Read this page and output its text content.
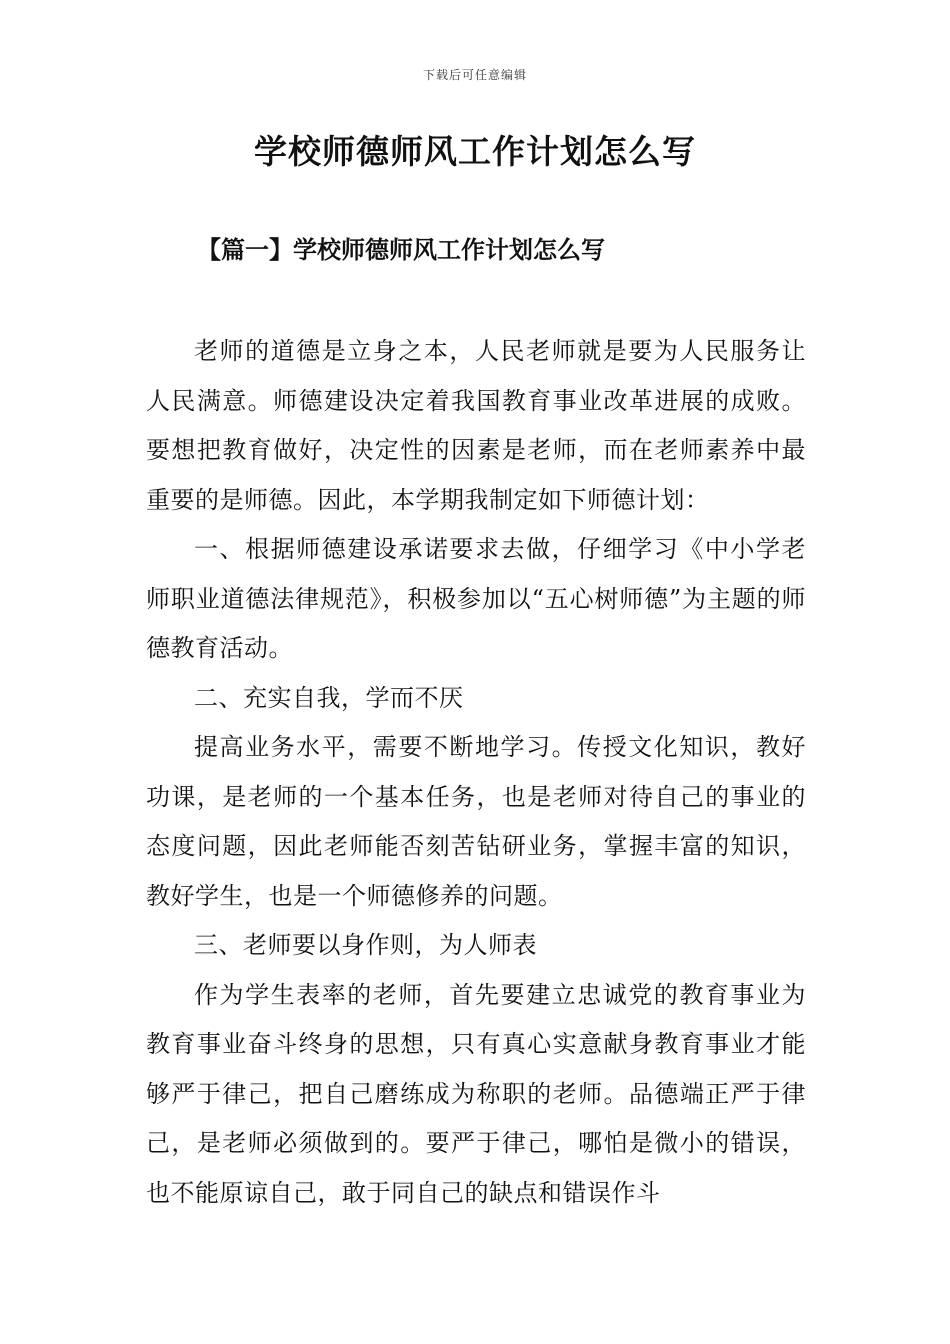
下载后可任意编辑
学校师德师风工作计划怎么写
【篇一】学校师德师风工作计划怎么写

老师的道德是立身之本，人民老师就是要为人民服务让人民满意。师德建设决定着我国教育事业改革进展的成败。要想把教育做好，决定性的因素是老师，而在老师素养中最重要的是师德。因此，本学期我制定如下师德计划：

一、根据师德建设承诺要求去做，仔细学习《中小学老师职业道德法律规范》，积极参加以“五心树师德”为主题的师德教育活动。

二、充实自我，学而不厌

提高业务水平，需要不断地学习。传授文化知识，教好功课，是老师的一个基本任务，也是老师对待自己的事业的态度问题，因此老师能否刻苦钻研业务，掌握丰富的知识，教好学生，也是一个师德修养的问题。

三、老师要以身作则，为人师表

作为学生表率的老师，首先要建立忠诚党的教育事业为教育事业奋斗终身的思想，只有真心实意献身教育事业才能够严于律己，把自己磨练成为称职的老师。品德端正严于律己，是老师必须做到的。要严于律己，哪怕是微小的错误，也不能原谅自己，敢于同自己的缺点和错误作斗
